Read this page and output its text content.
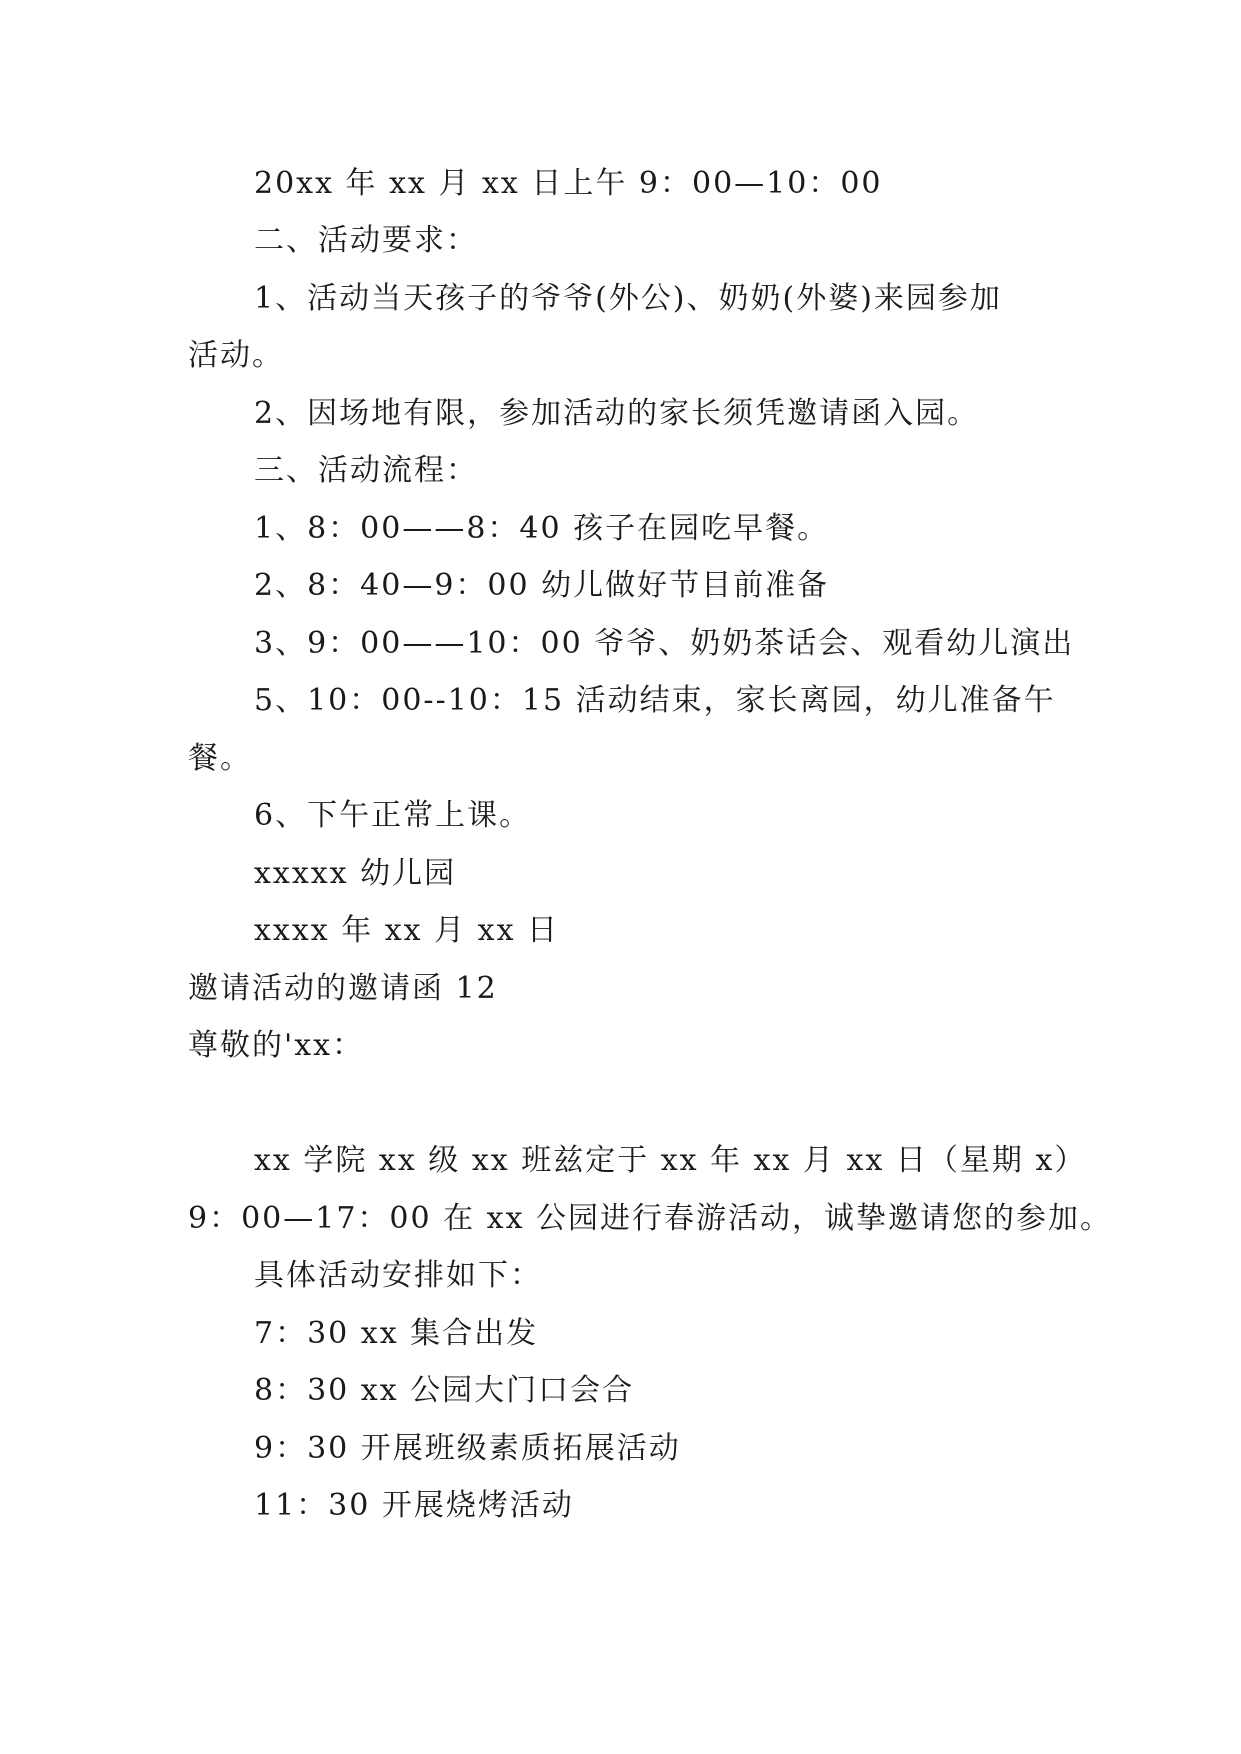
20xx 年 xx 月 xx 日上午 9：00—10：00
二、活动要求：
1、活动当天孩子的爷爷(外公)、奶奶(外婆)来园参加
活动。
2、因场地有限，参加活动的家长须凭邀请函入园。
三、活动流程：
1、8：00——8：40 孩子在园吃早餐。
2、8：40—9：00 幼儿做好节目前准备
3、9：00——10：00 爷爷、奶奶茶话会、观看幼儿演出
5、10：00--10：15 活动结束，家长离园，幼儿准备午
餐。
6、下午正常上课。
xxxxx 幼儿园
xxxx 年 xx 月 xx 日
邀请活动的邀请函 12
尊敬的'xx：
xx 学院 xx 级 xx 班兹定于 xx 年 xx 月 xx 日（星期 x）
9：00—17：00 在 xx 公园进行春游活动，诚挚邀请您的参加。
具体活动安排如下：
7：30 xx 集合出发
8：30 xx 公园大门口会合
9：30 开展班级素质拓展活动
11：30 开展烧烤活动
